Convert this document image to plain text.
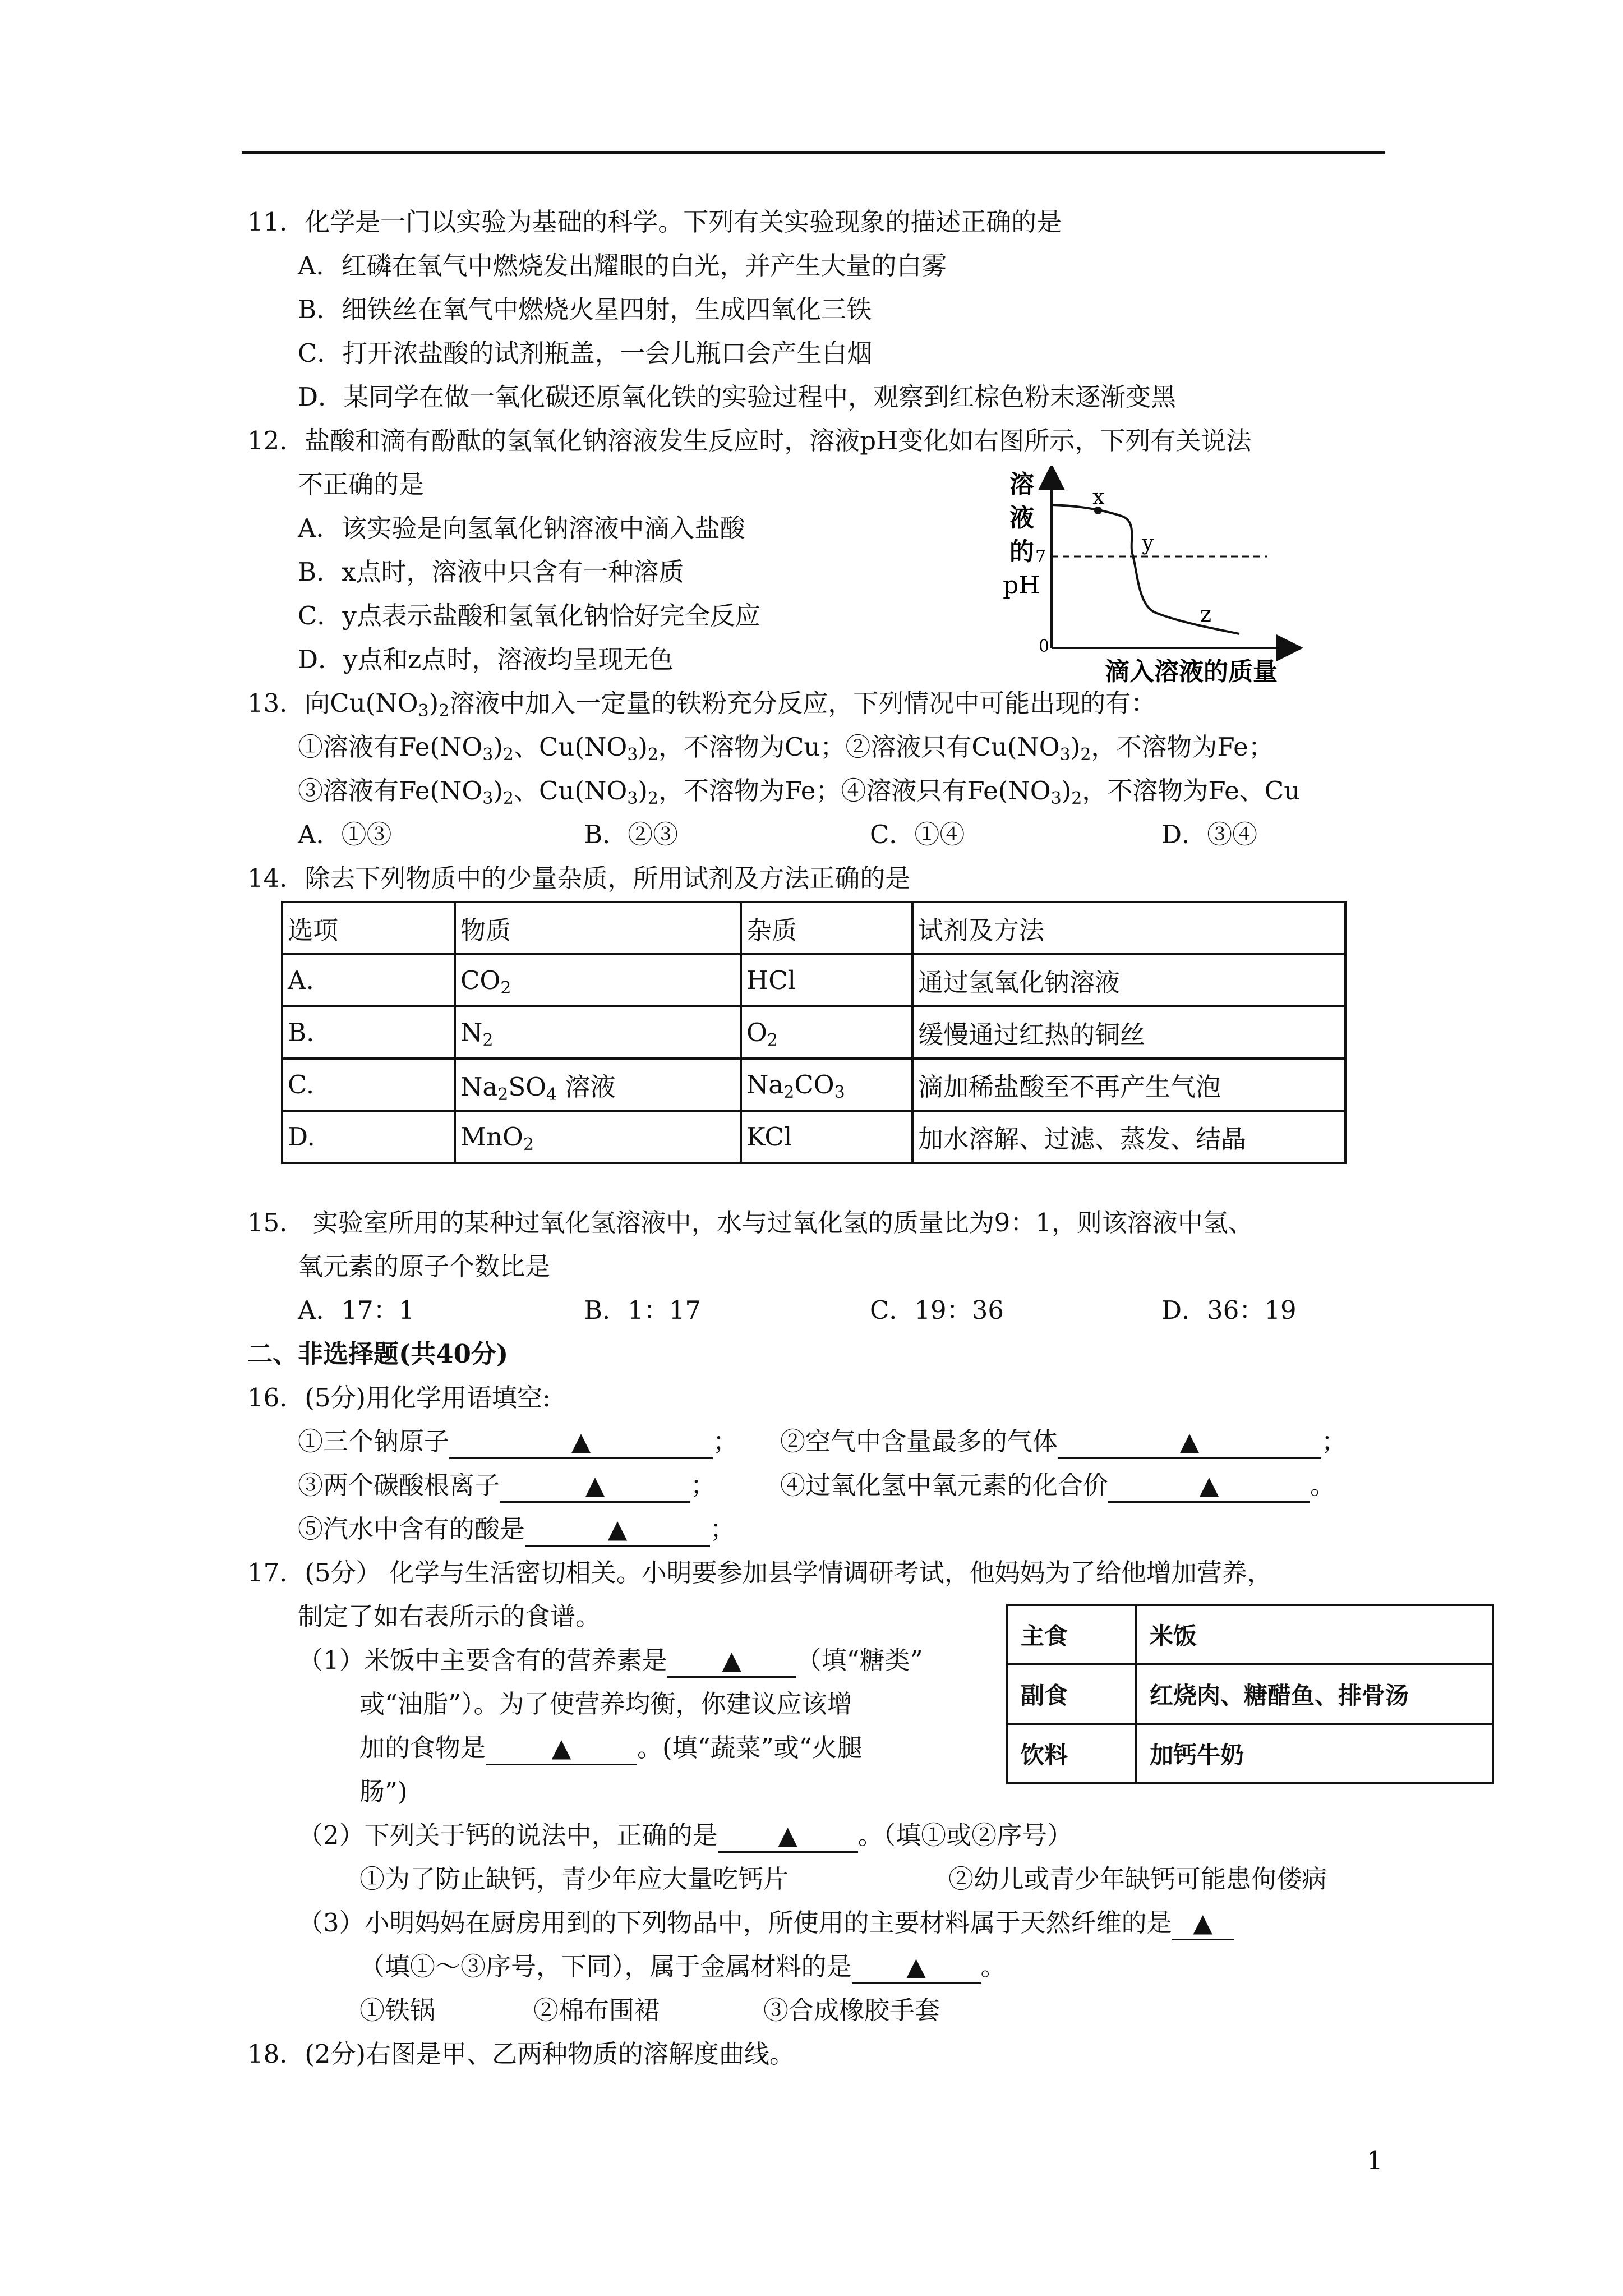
11．化学是一门以实验为基础的科学。下列有关实验现象的描述正确的是
A．红磷在氧气中燃烧发出耀眼的白光，并产生大量的白雾
B．细铁丝在氧气中燃烧火星四射，生成四氧化三铁
C．打开浓盐酸的试剂瓶盖，一会儿瓶口会产生白烟
D．某同学在做一氧化碳还原氧化铁的实验过程中，观察到红棕色粉末逐渐变黑
12．盐酸和滴有酚酞的氢氧化钠溶液发生反应时，溶液pH变化如右图所示，下列有关说法
不正确的是
A．该实验是向氢氧化钠溶液中滴入盐酸
B．x点时，溶液中只含有一种溶质
C．y点表示盐酸和氢氧化钠恰好完全反应
D．y点和z点时，溶液均呈现无色
x
y
z
7
0
溶
液
的
pH
滴入溶液的质量
13．向$Cu(NO_3)_2$溶液中加入一定量的铁粉充分反应，下列情况中可能出现的有：
①溶液有$Fe(NO_3)_2$、$Cu(NO_3)_2$，不溶物为Cu；②溶液只有$Cu(NO_3)_2$，不溶物为Fe；
③溶液有$Fe(NO_3)_2$、$Cu(NO_3)_2$，不溶物为Fe；④溶液只有$Fe(NO_3)_2$，不溶物为Fe、Cu
A．①③	B．②③	C．①④	D．③④
14．除去下列物质中的少量杂质，所用试剂及方法正确的是
选项	物质	杂质	试剂及方法
A.	$CO_2$	HCl	通过氢氧化钠溶液
B.	$N_2$	$O_2$	缓慢通过红热的铜丝
C.	$Na_2SO_4$ 溶液	$Na_2CO_3$	滴加稀盐酸至不再产生气泡
D.	MnO$_2$	KCl	加水溶解、过滤、蒸发、结晶
15． 实验室所用的某种过氧化氢溶液中，水与过氧化氢的质量比为9：1，则该溶液中氢、
氧元素的原子个数比是
A．17：1	B．1：17	C．19：36	D．36：19
二、非选择题(共40分)
16．(5分)用化学用语填空:
①三个钠原子	▲	； ②空气中含量最多的气体	▲	；
③两个碳酸根离子	▲	；	④过氧化氢中氧元素的化合价	▲	。
⑤汽水中含有的酸是	▲	；
17．(5分） 化学与生活密切相关。小明要参加县学情调研考试，他妈妈为了给他增加营养，
制定了如右表所示的食谱。
（1）米饭中主要含有的营养素是 ▲ （填“糖类”
或“油脂”）。为了使营养均衡，你建议应该增
加的食物是	▲	。(填“蔬菜”或“火腿
肠”)
主食	米饭
副食	红烧肉、糖醋鱼、排骨汤
饮料	加钙牛奶
（2）下列关于钙的说法中，正确的是 ▲ 。（填①或②序号）
①为了防止缺钙，青少年应大量吃钙片	②幼儿或青少年缺钙可能患佝偻病
（3）小明妈妈在厨房用到的下列物品中，所使用的主要材料属于天然纤维的是 ▲
（填①～③序号，下同），属于金属材料的是 ▲ 。
①铁锅	②棉布围裙	③合成橡胶手套
18．(2分)右图是甲、乙两种物质的溶解度曲线。
1
